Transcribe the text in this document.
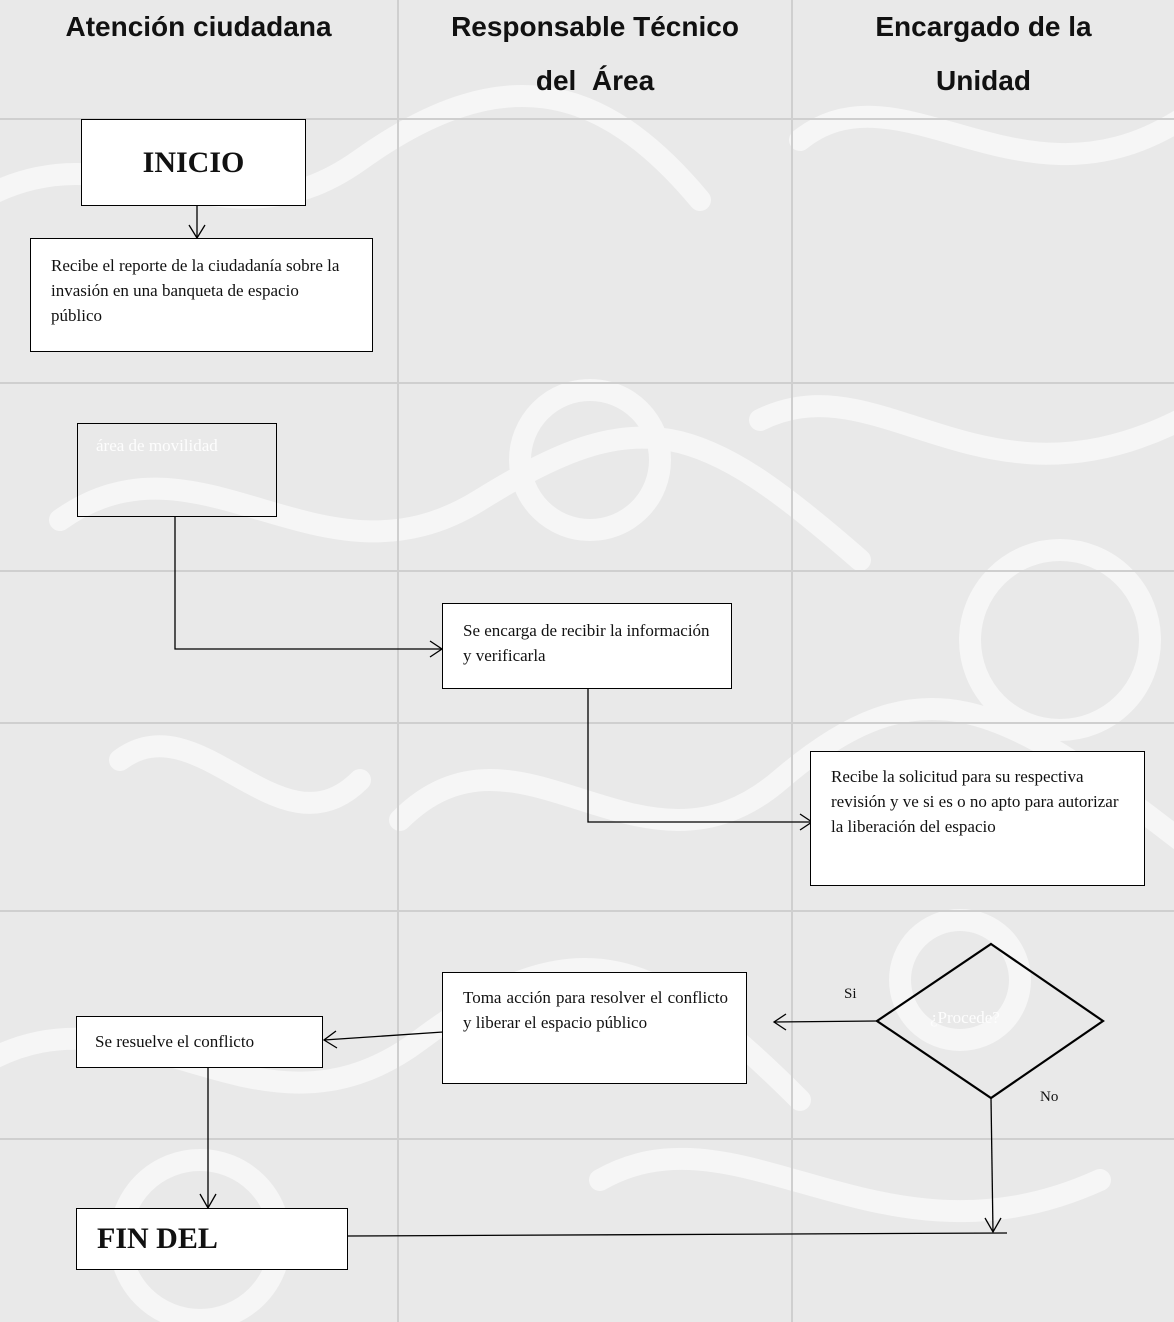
Atención ciudadana	Responsable Técnico
del  Área
Encargado de la
Unidad
INICIO
Recibe el reporte de la ciudadanía sobre la invasión en una banqueta de espacio público
área de movilidad
Se encarga de recibir la información y verificarla
Recibe la solicitud para su respectiva revisión y ve si es o no apto para autorizar la liberación del espacio
Toma acción para resolver el conflicto y liberar el espacio público
Se resuelve el conflicto
FIN DEL
¿Procede?
Si
No
